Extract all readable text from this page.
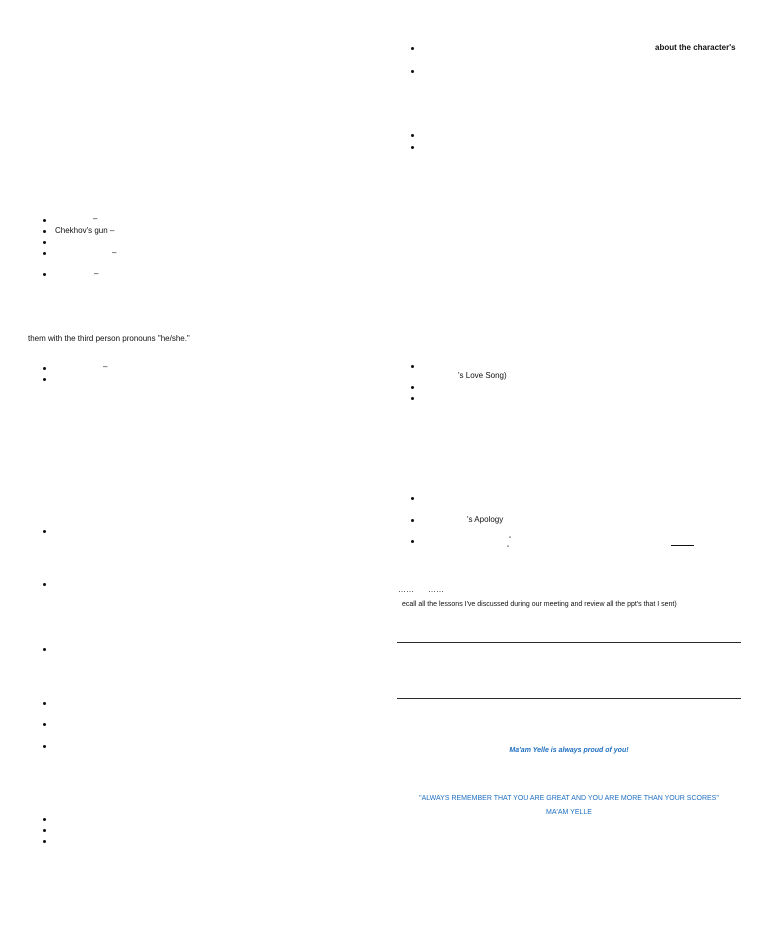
–
Chekhov's gun –
–
–
them with the third person pronouns "he/she."
–
about the character's
's Love Song)
's Apology
"
"
…… ……
ecall all the lessons I've discussed during our meeting and review all the ppt's that I sent)
Ma'am Yelle is always proud of you!
"ALWAYS REMEMBER THAT YOU ARE GREAT AND YOU ARE MORE THAN YOUR SCORES"
MA'AM YELLE
